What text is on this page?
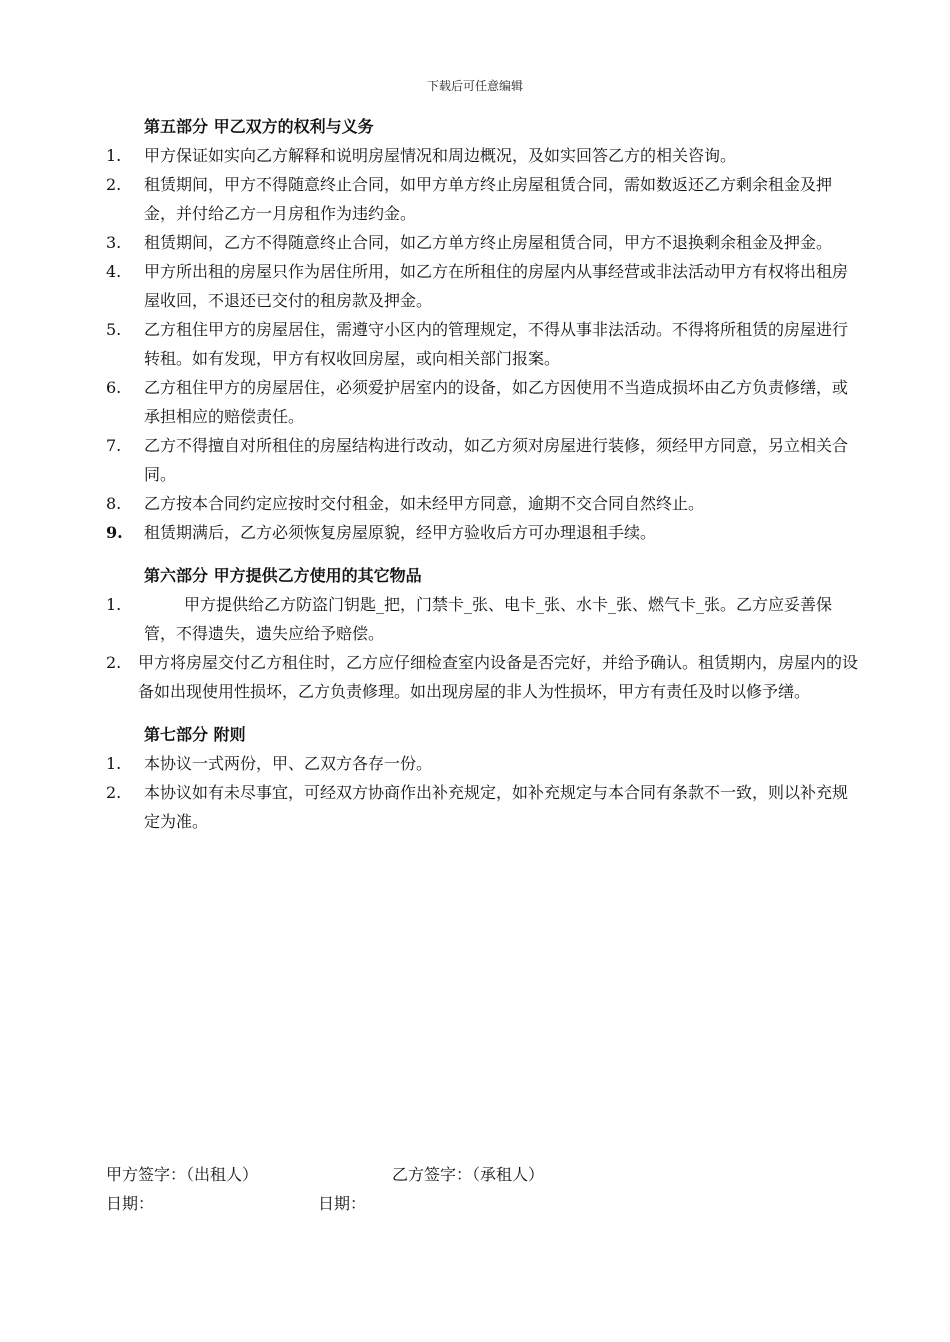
下载后可任意编辑
第五部分 甲乙双方的权利与义务
1.	甲方保证如实向乙方解释和说明房屋情况和周边概况，及如实回答乙方的相关咨询。
2.	租赁期间，甲方不得随意终止合同，如甲方单方终止房屋租赁合同，需如数返还乙方剩余租金及押金，并付给乙方一月房租作为违约金。
3.	租赁期间，乙方不得随意终止合同，如乙方单方终止房屋租赁合同，甲方不退换剩余租金及押金。
4.	甲方所出租的房屋只作为居住所用，如乙方在所租住的房屋内从事经营或非法活动甲方有权将出租房屋收回，不退还已交付的租房款及押金。
5.	乙方租住甲方的房屋居住，需遵守小区内的管理规定，不得从事非法活动。不得将所租赁的房屋进行转租。如有发现，甲方有权收回房屋，或向相关部门报案。
6.	乙方租住甲方的房屋居住，必须爱护居室内的设备，如乙方因使用不当造成损坏由乙方负责修缮，或承担相应的赔偿责任。
7.	乙方不得擅自对所租住的房屋结构进行改动，如乙方须对房屋进行装修，须经甲方同意，另立相关合同。
8.	乙方按本合同约定应按时交付租金，如未经甲方同意，逾期不交合同自然终止。
9.	租赁期满后，乙方必须恢复房屋原貌，经甲方验收后方可办理退租手续。
第六部分 甲方提供乙方使用的其它物品
1.	甲方提供给乙方防盗门钥匙_把，门禁卡_张、电卡_张、水卡_张、燃气卡_张。乙方应妥善保管，不得遗失，遗失应给予赔偿。
2.	甲方将房屋交付乙方租住时，乙方应仔细检查室内设备是否完好，并给予确认。租赁期内，房屋内的设备如出现使用性损坏，乙方负责修理。如出现房屋的非人为性损坏，甲方有责任及时以修予缮。
第七部分 附则
1.	本协议一式两份，甲、乙双方各存一份。
2.	本协议如有未尽事宜，可经双方协商作出补充规定，如补充规定与本合同有条款不一致，则以补充规定为准。
甲方签字：（出租人）	乙方签字：（承租人）
日期：	日期：
